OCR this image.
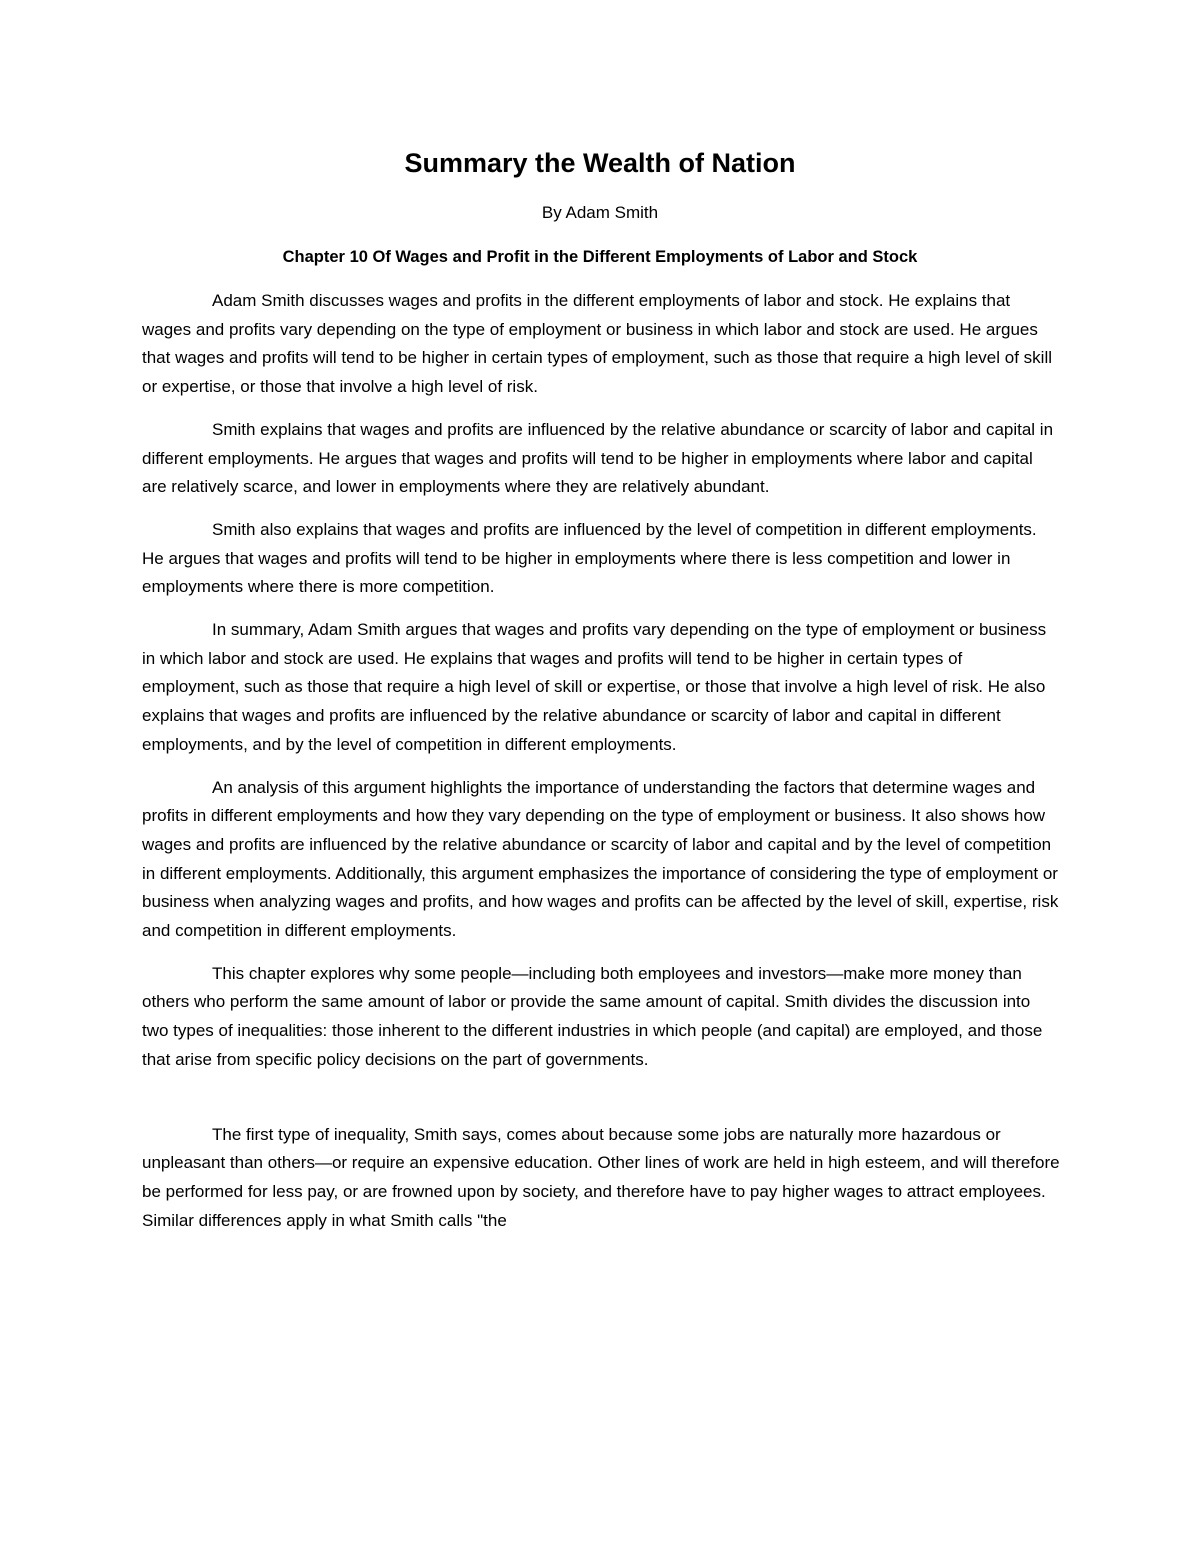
Summary the Wealth of Nation

By Adam Smith

Chapter 10 Of Wages and Profit in the Different Employments of Labor and Stock

Adam Smith discusses wages and profits in the different employments of labor and stock. He explains that wages and profits vary depending on the type of employment or business in which labor and stock are used. He argues that wages and profits will tend to be higher in certain types of employment, such as those that require a high level of skill or expertise, or those that involve a high level of risk.

Smith explains that wages and profits are influenced by the relative abundance or scarcity of labor and capital in different employments. He argues that wages and profits will tend to be higher in employments where labor and capital are relatively scarce, and lower in employments where they are relatively abundant.

Smith also explains that wages and profits are influenced by the level of competition in different employments. He argues that wages and profits will tend to be higher in employments where there is less competition and lower in employments where there is more competition.

In summary, Adam Smith argues that wages and profits vary depending on the type of employment or business in which labor and stock are used. He explains that wages and profits will tend to be higher in certain types of employment, such as those that require a high level of skill or expertise, or those that involve a high level of risk. He also explains that wages and profits are influenced by the relative abundance or scarcity of labor and capital in different employments, and by the level of competition in different employments.

An analysis of this argument highlights the importance of understanding the factors that determine wages and profits in different employments and how they vary depending on the type of employment or business. It also shows how wages and profits are influenced by the relative abundance or scarcity of labor and capital and by the level of competition in different employments. Additionally, this argument emphasizes the importance of considering the type of employment or business when analyzing wages and profits, and how wages and profits can be affected by the level of skill, expertise, risk and competition in different employments.

This chapter explores why some people—including both employees and investors—make more money than others who perform the same amount of labor or provide the same amount of capital. Smith divides the discussion into two types of inequalities: those inherent to the different industries in which people (and capital) are employed, and those that arise from specific policy decisions on the part of governments.

The first type of inequality, Smith says, comes about because some jobs are naturally more hazardous or unpleasant than others—or require an expensive education. Other lines of work are held in high esteem, and will therefore be performed for less pay, or are frowned upon by society, and therefore have to pay higher wages to attract employees. Similar differences apply in what Smith calls "the
